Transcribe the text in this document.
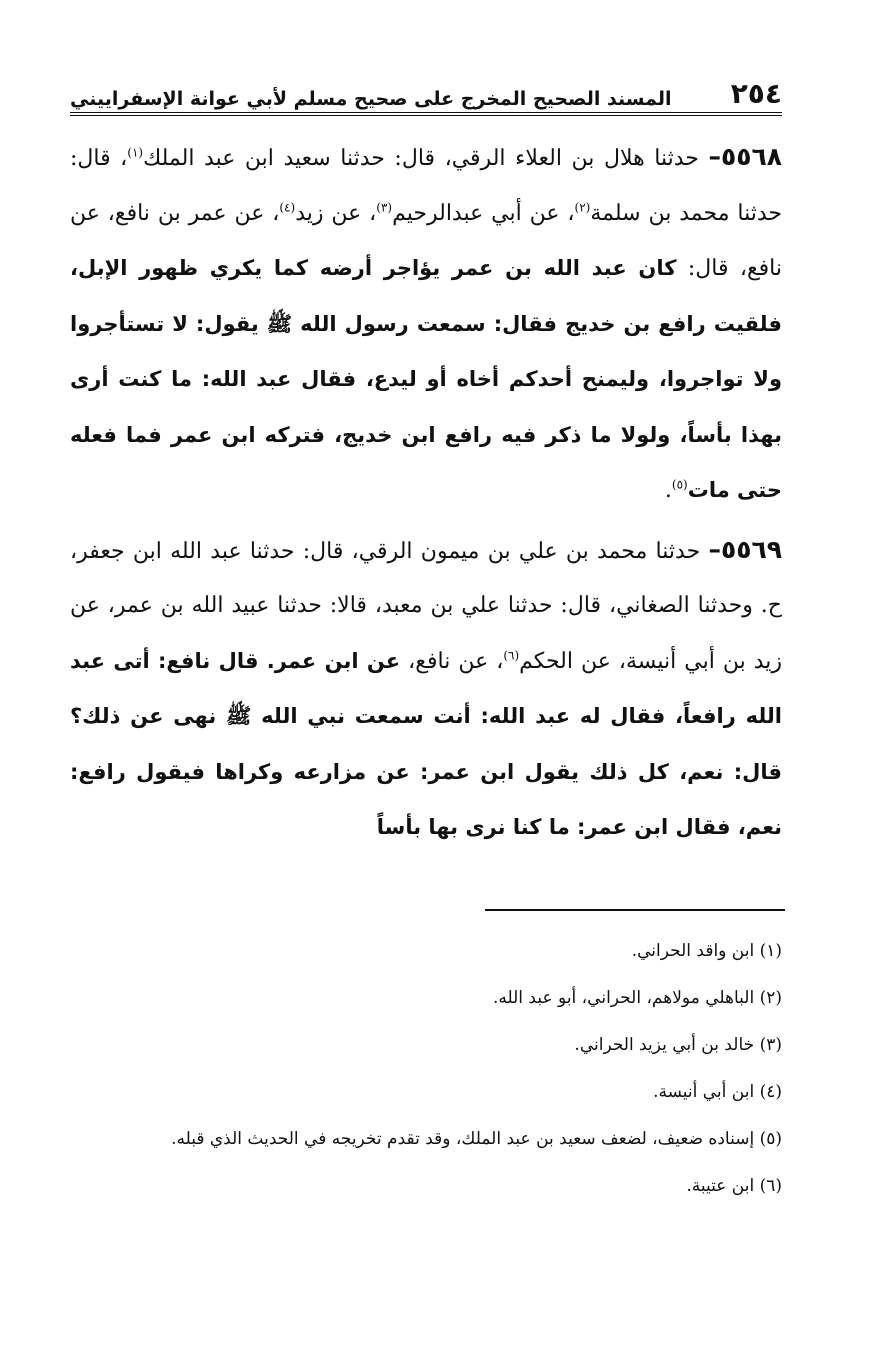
٢٥٤
المسند الصحيح المخرج على صحيح مسلم لأبي عوانة الإسفراييني

٥٥٦٨– حدثنا هلال بن العلاء الرقي، قال: حدثنا سعيد ابن عبد الملك$^{(١)}$، قال: حدثنا محمد بن سلمة$^{(٢)}$، عن أبي عبدالرحيم$^{(٣)}$، عن زيد$^{(٤)}$، عن عمر بن نافع، عن نافع، قال: كان عبد الله بن عمر يؤاجر أرضه كما يكري ظهور الإبل، فلقيت رافع بن خديج فقال: سمعت رسول الله ﷺ يقول: لا تستأجروا ولا تواجروا، وليمنح أحدكم أخاه أو ليدع، فقال عبد الله: ما كنت أرى بهذا بأساً، ولولا ما ذكر فيه رافع ابن خديج، فتركه ابن عمر فما فعله حتى مات$^{(٥)}$.

٥٥٦٩– حدثنا محمد بن علي بن ميمون الرقي، قال: حدثنا عبد الله ابن جعفر، ح. وحدثنا الصغاني، قال: حدثنا علي بن معبد، قالا: حدثنا عبيد الله بن عمر، عن زيد بن أبي أنيسة، عن الحكم$^{(٦)}$، عن نافع، عن ابن عمر. قال نافع: أتى عبد الله رافعاً، فقال له عبد الله: أنت سمعت نبي الله ﷺ نهى عن ذلك؟ قال: نعم، كل ذلك يقول ابن عمر: عن مزارعه وكراها فيقول رافع: نعم، فقال ابن عمر: ما كنا نرى بها بأساً

(١) ابن واقد الحراني.
(٢) الباهلي مولاهم، الحراني، أبو عبد الله.
(٣) خالد بن أبي يزيد الحراني.
(٤) ابن أبي أنيسة.
(٥) إسناده ضعيف، لضعف سعيد بن عبد الملك، وقد تقدم تخريجه في الحديث الذي قبله.
(٦) ابن عتيبة.
